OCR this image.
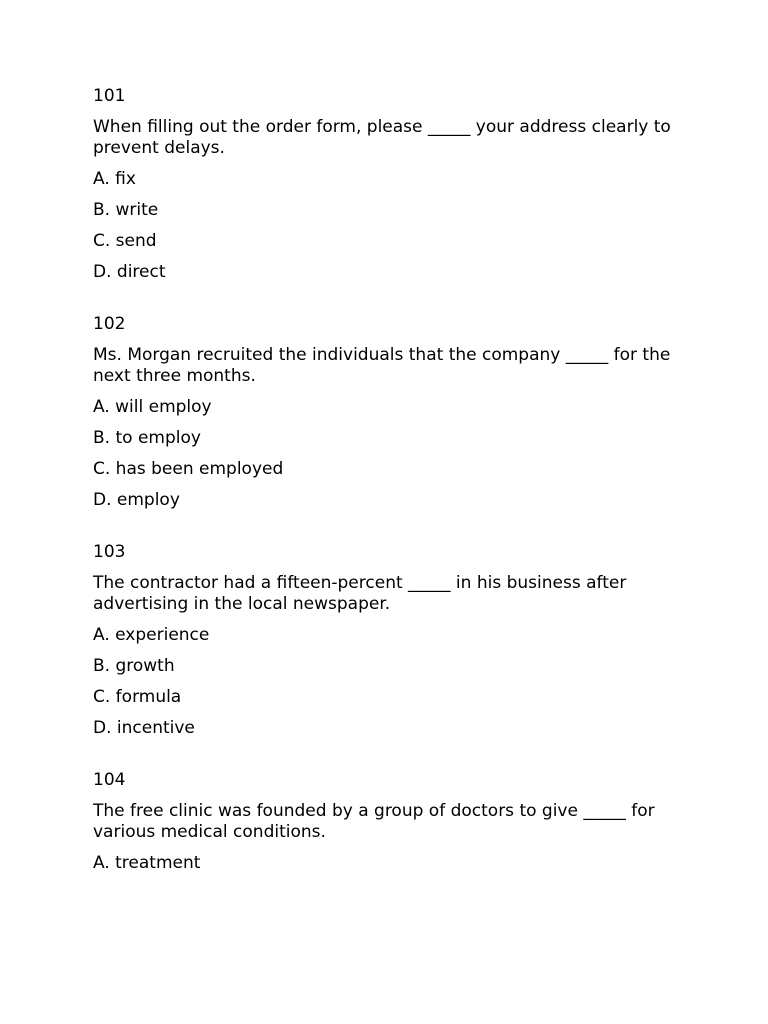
101
When filling out the order form, please _____ your address clearly to prevent delays.
A. fix
B. write
C. send
D. direct
102
Ms. Morgan recruited the individuals that the company _____ for the next three months.
A. will employ
B. to employ
C. has been employed
D. employ
103
The contractor had a fifteen-percent _____ in his business after advertising in the local newspaper.
A. experience
B. growth
C. formula
D. incentive
104
The free clinic was founded by a group of doctors to give _____ for various medical conditions.
A. treatment
